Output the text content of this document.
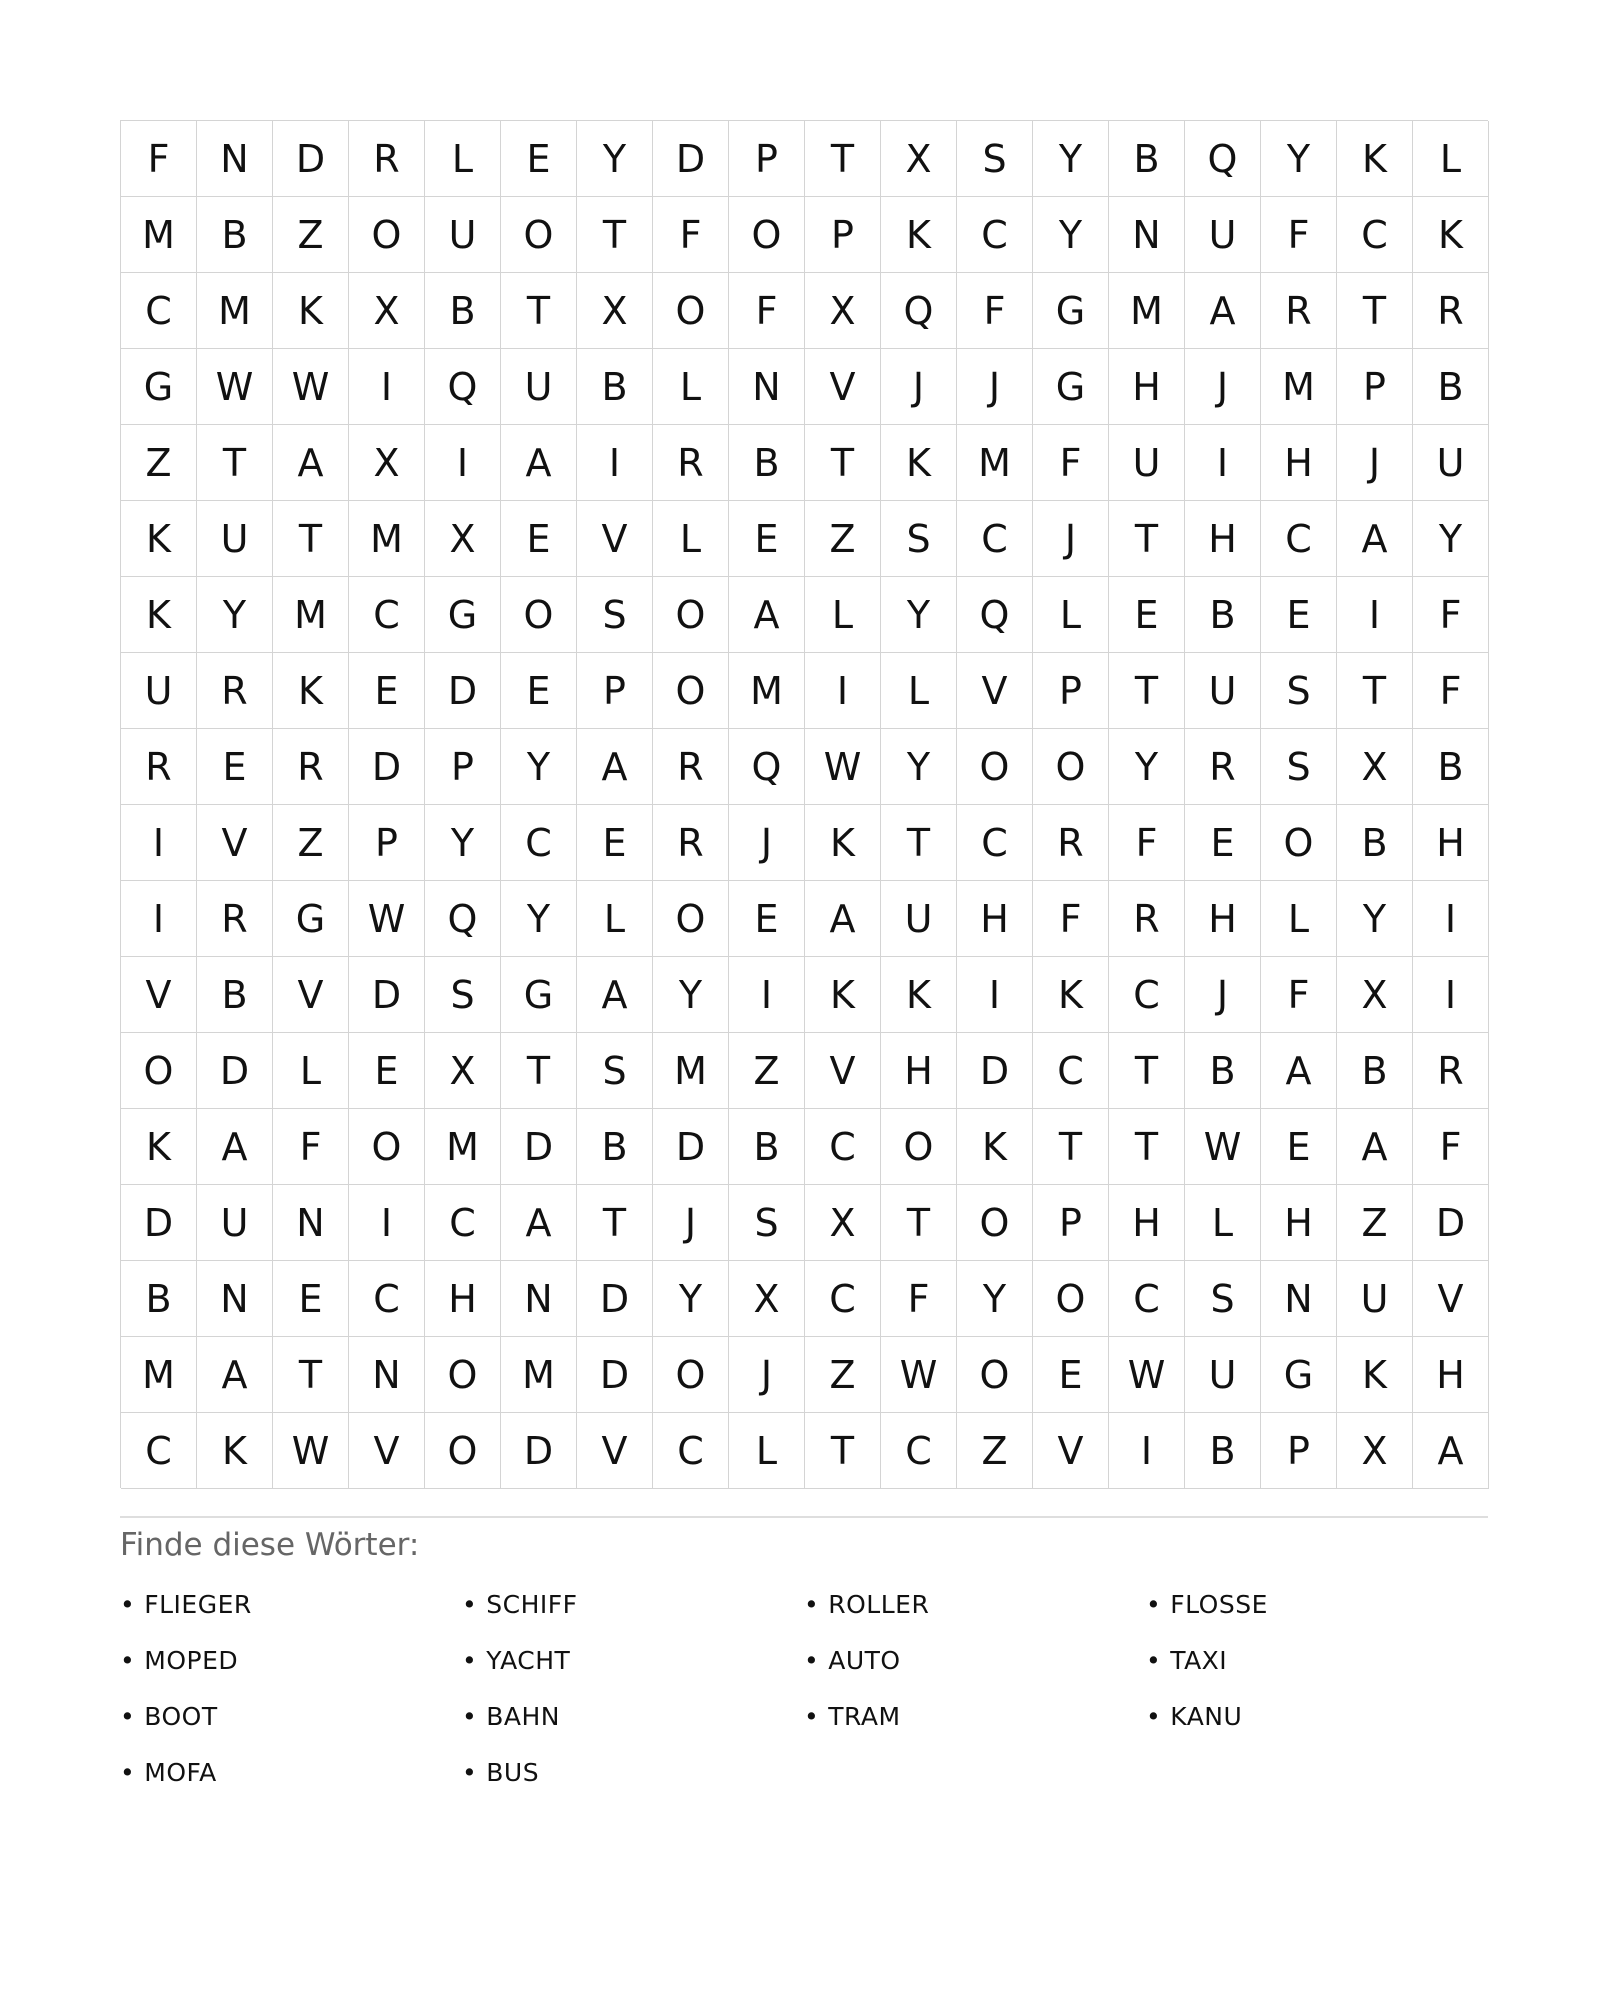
F	N	D	R	L	E	Y	D	P	T	X	S	Y	B	Q	Y	K	L
M	B	Z	O	U	O	T	F	O	P	K	C	Y	N	U	F	C	K
C	M	K	X	B	T	X	O	F	X	Q	F	G	M	A	R	T	R
G	W	W	I	Q	U	B	L	N	V	J	J	G	H	J	M	P	B
Z	T	A	X	I	A	I	R	B	T	K	M	F	U	I	H	J	U
K	U	T	M	X	E	V	L	E	Z	S	C	J	T	H	C	A	Y
K	Y	M	C	G	O	S	O	A	L	Y	Q	L	E	B	E	I	F
U	R	K	E	D	E	P	O	M	I	L	V	P	T	U	S	T	F
R	E	R	D	P	Y	A	R	Q	W	Y	O	O	Y	R	S	X	B
I	V	Z	P	Y	C	E	R	J	K	T	C	R	F	E	O	B	H
I	R	G	W	Q	Y	L	O	E	A	U	H	F	R	H	L	Y	I
V	B	V	D	S	G	A	Y	I	K	K	I	K	C	J	F	X	I
O	D	L	E	X	T	S	M	Z	V	H	D	C	T	B	A	B	R
K	A	F	O	M	D	B	D	B	C	O	K	T	T	W	E	A	F
D	U	N	I	C	A	T	J	S	X	T	O	P	H	L	H	Z	D
B	N	E	C	H	N	D	Y	X	C	F	Y	O	C	S	N	U	V
M	A	T	N	O	M	D	O	J	Z	W	O	E	W	U	G	K	H
C	K	W	V	O	D	V	C	L	T	C	Z	V	I	B	P	X	A
Finde diese Wörter:
• FLIEGER	• SCHIFF	• ROLLER	• FLOSSE
• MOPED	• YACHT	• AUTO	• TAXI
• BOOT	• BAHN	• TRAM	• KANU
• MOFA	• BUS
